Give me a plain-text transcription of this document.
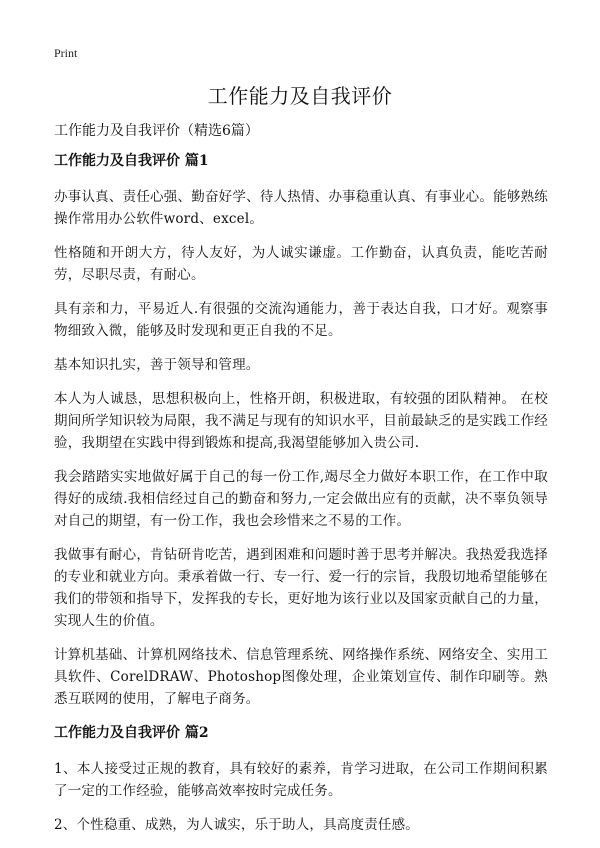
Print
工作能力及自我评价
工作能力及自我评价（精选6篇）
工作能力及自我评价 篇1

办事认真、责任心强、勤奋好学、待人热情、办事稳重认真、有事业心。能够熟练操作常用办公软件word、excel。

性格随和开朗大方，待人友好，为人诚实谦虚。工作勤奋，认真负责，能吃苦耐劳，尽职尽责，有耐心。

具有亲和力，平易近人.有很强的交流沟通能力，善于表达自我，口才好。观察事物细致入微，能够及时发现和更正自我的不足。

基本知识扎实，善于领导和管理。

本人为人诚恳，思想积极向上，性格开朗，积极进取，有较强的团队精神。 在校期间所学知识较为局限，我不满足与现有的知识水平，目前最缺乏的是实践工作经验，我期望在实践中得到锻炼和提高,我渴望能够加入贵公司.

我会踏踏实实地做好属于自己的每一份工作,竭尽全力做好本职工作，在工作中取得好的成绩.我相信经过自己的勤奋和努力,一定会做出应有的贡献，决不辜负领导对自己的期望，有一份工作，我也会珍惜来之不易的工作。

我做事有耐心，肯钻研肯吃苦，遇到困难和问题时善于思考并解决。我热爱我选择的专业和就业方向。秉承着做一行、专一行、爱一行的宗旨，我殷切地希望能够在我们的带领和指导下，发挥我的专长，更好地为该行业以及国家贡献自己的力量，实现人生的价值。

计算机基础、计算机网络技术、信息管理系统、网络操作系统、网络安全、实用工具软件、CorelDRAW、Photoshop图像处理，企业策划宣传、制作印刷等。熟悉互联网的使用，了解电子商务。

工作能力及自我评价 篇2

1、本人接受过正规的教育，具有较好的素养，肯学习进取，在公司工作期间积累了一定的工作经验，能够高效率按时完成任务。

2、个性稳重、成熟，为人诚实，乐于助人，具高度责任感。
